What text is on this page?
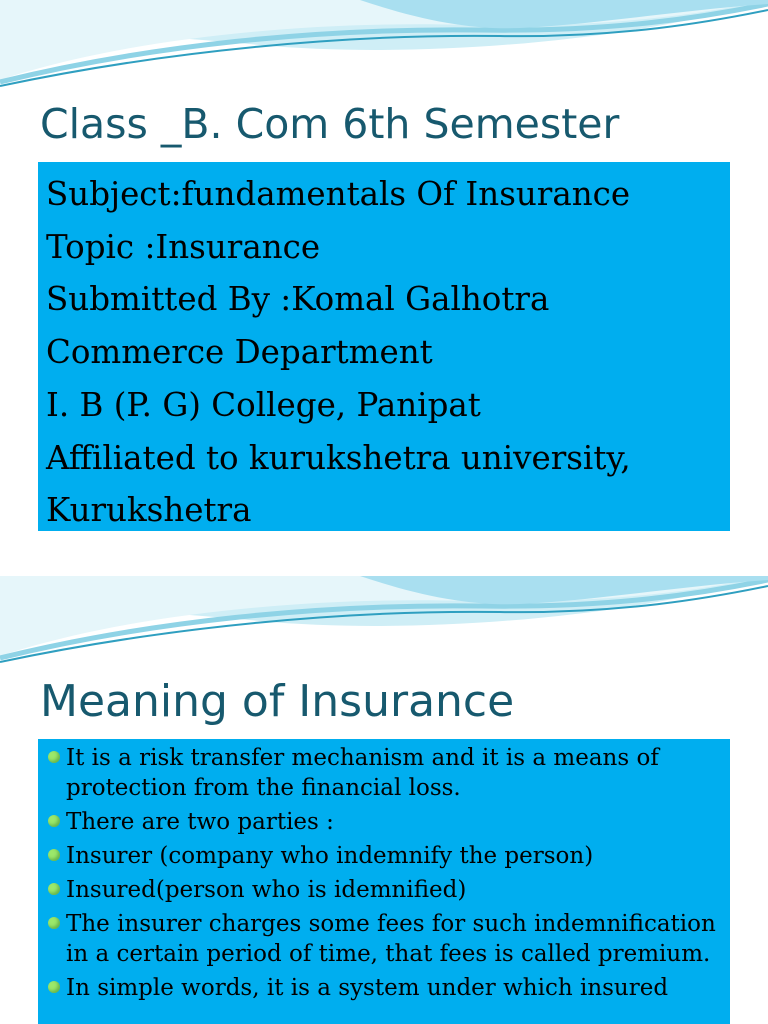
Class _B. Com 6th Semester
Subject:fundamentals Of Insurance
Topic :Insurance
Submitted By :Komal Galhotra
Commerce Department
I. B (P. G) College, Panipat
Affiliated to kurukshetra university,
Kurukshetra
Meaning of Insurance
It is a risk transfer mechanism and it is a means of protection from the financial loss.
There are two parties :
Insurer (company who indemnify the person)
Insured(person who is idemnified)
The insurer charges some fees for such indemnification in a certain period of time, that fees is called premium.
In simple words, it is a system under which insured
